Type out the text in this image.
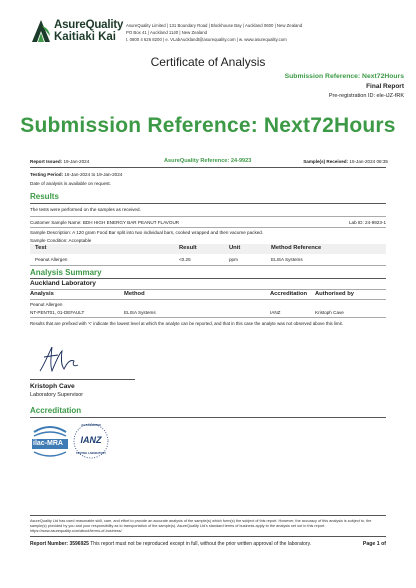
AsureQuality
Kaitiaki Kai
AsureQuality Limited | 131 Boundary Road | Blockhouse Bay | Auckland 0600 | New Zealand
PO Box 41 | Auckland 1140 | New Zealand
t. 0800 4 626 8200 | e. VLabAucklandt@asurequality.com | w. www.asurequality.com
Certificate of Analysis
Submission Reference: Next72Hours
Final Report
Pre-registration ID: ele-iJZ-fRK
Submission Reference: Next72Hours
Report Issued: 19-Jan-2024	AsureQuality Reference: 24-9923	Sample(s) Received: 15-Jan-2024 08:35
Testing Period: 16-Jan-2024 to 19-Jan-2024
Date of analysis is available on request.
Results
The tests were performed on the samples as received.
Customer Sample Name: BDH HIGH ENERGY BAR PEANUT FLAVOUR	Lab ID: 24-9923-1
Sample Description: A 120 gram Food Bar split into two individual bars, cooked wrapped and then vacume packed.
Sample Condition: Acceptable
Test	Result	Unit	Method Reference
Peanut Allergen	<0.25	ppm	ELISA Systems
Analysis Summary
Auckland Laboratory
Analysis	Method	Accreditation Authorised by
Peanut Allergen
NT-PENT01, 01-DEFAULT	ELISA Systems	IANZ	Kristoph Cave
Results that are prefixed with '<' indicate the lowest level at which the analyte can be reported, and that in this case the analyte was not observed above this limit.
Kristoph Cave
Laboratory Supervisor
Accreditation
ilac-MRA
ACCREDITED
IANZ
TESTING LABORATORY
AsureQuality Ltd has used reasonable skill, care, and effort to provide an accurate analysis of the sample(s) which form(s) the subject of this report. However, the accuracy of this analysis is subject to, the sample(s) provided by you and your responsibility as to transportation of the sample(s). AsureQuality Ltd's standard terms of business apply to the analysis set out in this report https://www.asurequality.com/about/terms-of-business/
Report Number: 3596925 This report must not be reproduced except in full, without the prior written approval of the laboratory.	Page 1 of
